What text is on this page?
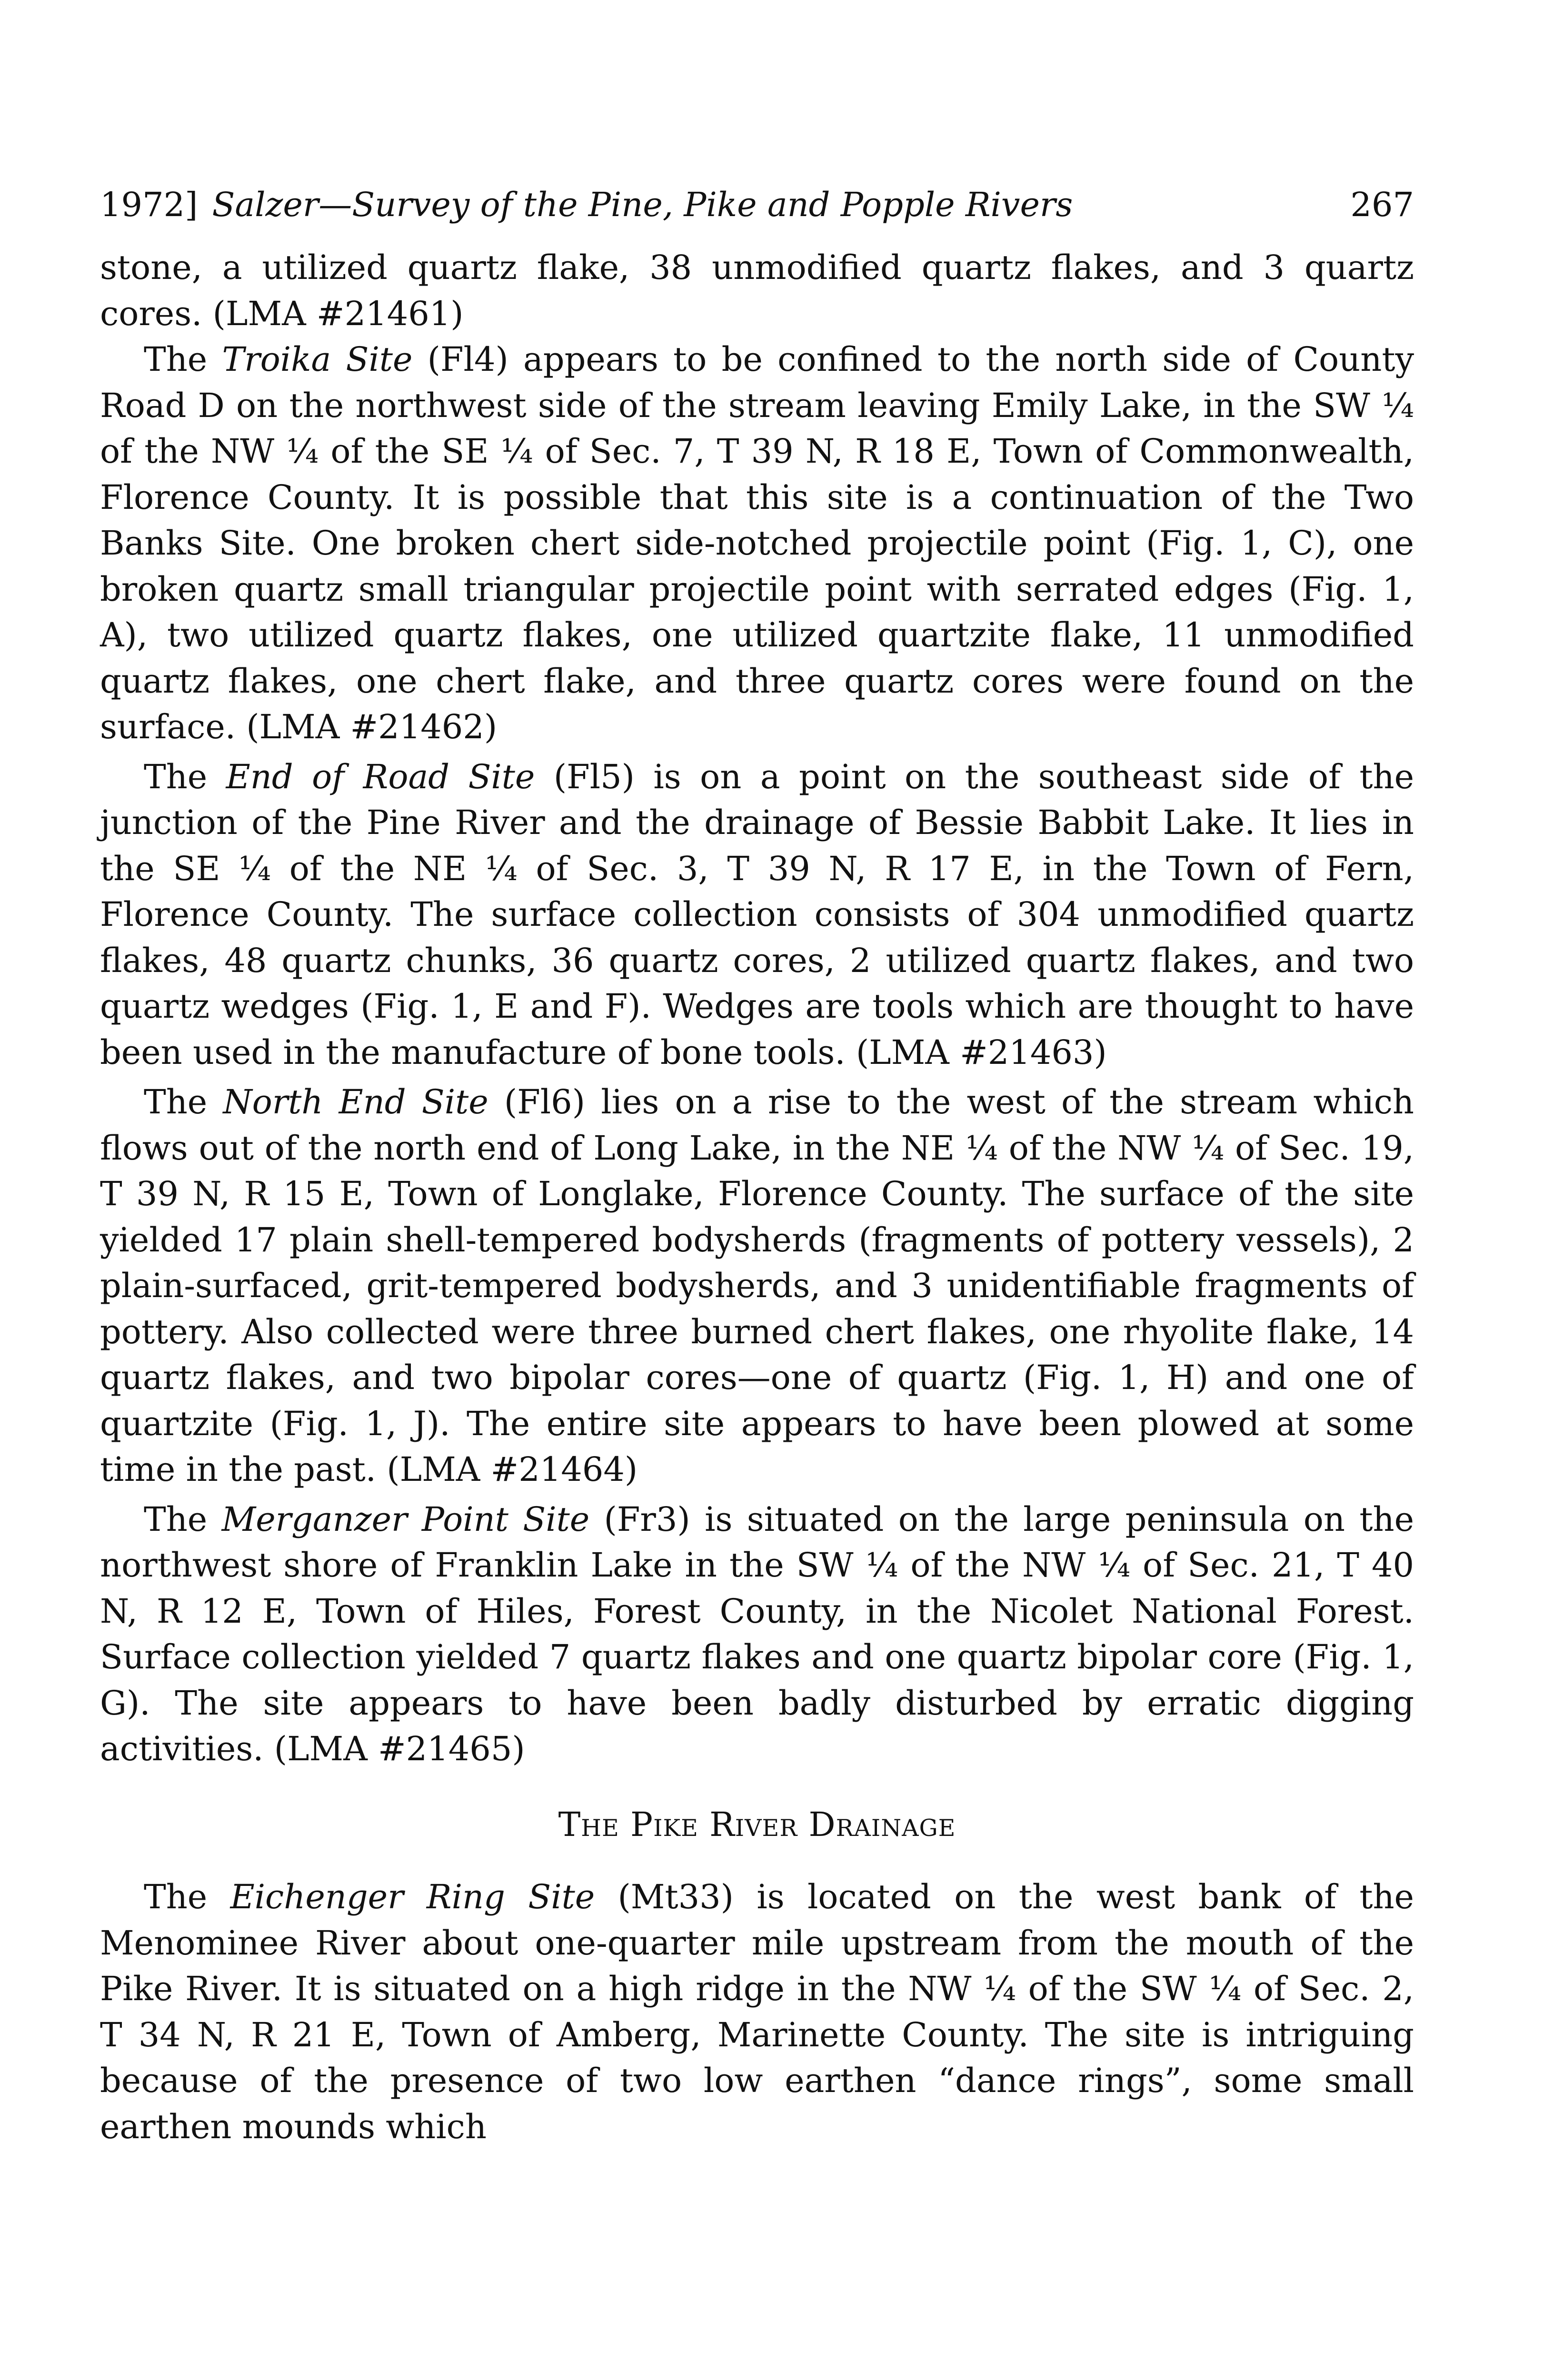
1972] Salzer—Survey of the Pine, Pike and Popple Rivers	267

stone, a utilized quartz flake, 38 unmodified quartz flakes, and 3 quartz cores. (LMA #21461)

The Troika Site (Fl4) appears to be confined to the north side of County Road D on the northwest side of the stream leaving Emily Lake, in the SW ¼ of the NW ¼ of the SE ¼ of Sec. 7, T 39 N, R 18 E, Town of Commonwealth, Florence County. It is possible that this site is a continuation of the Two Banks Site. One broken chert side-notched projectile point (Fig. 1, C), one broken quartz small triangular projectile point with serrated edges (Fig. 1, A), two utilized quartz flakes, one utilized quartzite flake, 11 unmodified quartz flakes, one chert flake, and three quartz cores were found on the surface. (LMA #21462)

The End of Road Site (Fl5) is on a point on the southeast side of the junction of the Pine River and the drainage of Bessie Babbit Lake. It lies in the SE ¼ of the NE ¼ of Sec. 3, T 39 N, R 17 E, in the Town of Fern, Florence County. The surface collection consists of 304 unmodified quartz flakes, 48 quartz chunks, 36 quartz cores, 2 utilized quartz flakes, and two quartz wedges (Fig. 1, E and F). Wedges are tools which are thought to have been used in the manufacture of bone tools. (LMA #21463)

The North End Site (Fl6) lies on a rise to the west of the stream which flows out of the north end of Long Lake, in the NE ¼ of the NW ¼ of Sec. 19, T 39 N, R 15 E, Town of Longlake, Florence County. The surface of the site yielded 17 plain shell-tempered bodysherds (fragments of pottery vessels), 2 plain-surfaced, grit-tempered bodysherds, and 3 unidentifiable fragments of pottery. Also collected were three burned chert flakes, one rhyolite flake, 14 quartz flakes, and two bipolar cores—one of quartz (Fig. 1, H) and one of quartzite (Fig. 1, J). The entire site appears to have been plowed at some time in the past. (LMA #21464)

The Merganzer Point Site (Fr3) is situated on the large peninsula on the northwest shore of Franklin Lake in the SW ¼ of the NW ¼ of Sec. 21, T 40 N, R 12 E, Town of Hiles, Forest County, in the Nicolet National Forest. Surface collection yielded 7 quartz flakes and one quartz bipolar core (Fig. 1, G). The site appears to have been badly disturbed by erratic digging activities. (LMA #21465)

The Pike River Drainage

The Eichenger Ring Site (Mt33) is located on the west bank of the Menominee River about one-quarter mile upstream from the mouth of the Pike River. It is situated on a high ridge in the NW ¼ of the SW ¼ of Sec. 2, T 34 N, R 21 E, Town of Amberg, Marinette County. The site is intriguing because of the presence of two low earthen “dance rings”, some small earthen mounds which
